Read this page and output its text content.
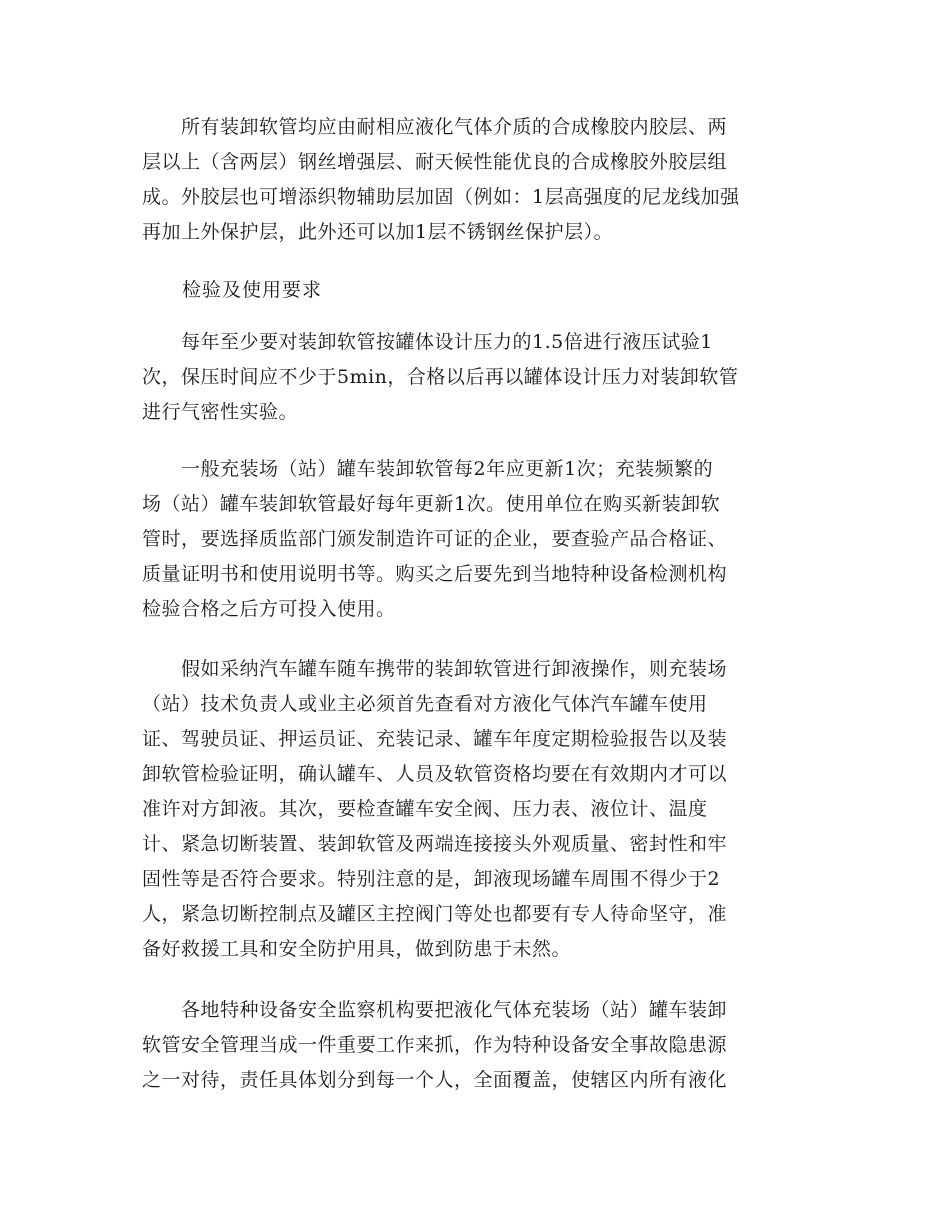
　　所有装卸软管均应由耐相应液化气体介质的合成橡胶内胶层、两
层以上（含两层）钢丝增强层、耐天候性能优良的合成橡胶外胶层组
成。外胶层也可增添织物辅助层加固（例如：1层高强度的尼龙线加强
再加上外保护层，此外还可以加1层不锈钢丝保护层）。
　　检验及使用要求
　　每年至少要对装卸软管按罐体设计压力的1.5倍进行液压试验1
次，保压时间应不少于5min，合格以后再以罐体设计压力对装卸软管
进行气密性实验。
　　一般充装场（站）罐车装卸软管每2年应更新1次；充装频繁的
场（站）罐车装卸软管最好每年更新1次。使用单位在购买新装卸软
管时，要选择质监部门颁发制造许可证的企业，要查验产品合格证、
质量证明书和使用说明书等。购买之后要先到当地特种设备检测机构
检验合格之后方可投入使用。
　　假如采纳汽车罐车随车携带的装卸软管进行卸液操作，则充装场
（站）技术负责人或业主必须首先查看对方液化气体汽车罐车使用
证、驾驶员证、押运员证、充装记录、罐车年度定期检验报告以及装
卸软管检验证明，确认罐车、人员及软管资格均要在有效期内才可以
准许对方卸液。其次，要检查罐车安全阀、压力表、液位计、温度
计、紧急切断装置、装卸软管及两端连接接头外观质量、密封性和牢
固性等是否符合要求。特别注意的是，卸液现场罐车周围不得少于2
人，紧急切断控制点及罐区主控阀门等处也都要有专人待命坚守，准
备好救援工具和安全防护用具，做到防患于未然。
　　各地特种设备安全监察机构要把液化气体充装场（站）罐车装卸
软管安全管理当成一件重要工作来抓，作为特种设备安全事故隐患源
之一对待，责任具体划分到每一个人，全面覆盖，使辖区内所有液化
